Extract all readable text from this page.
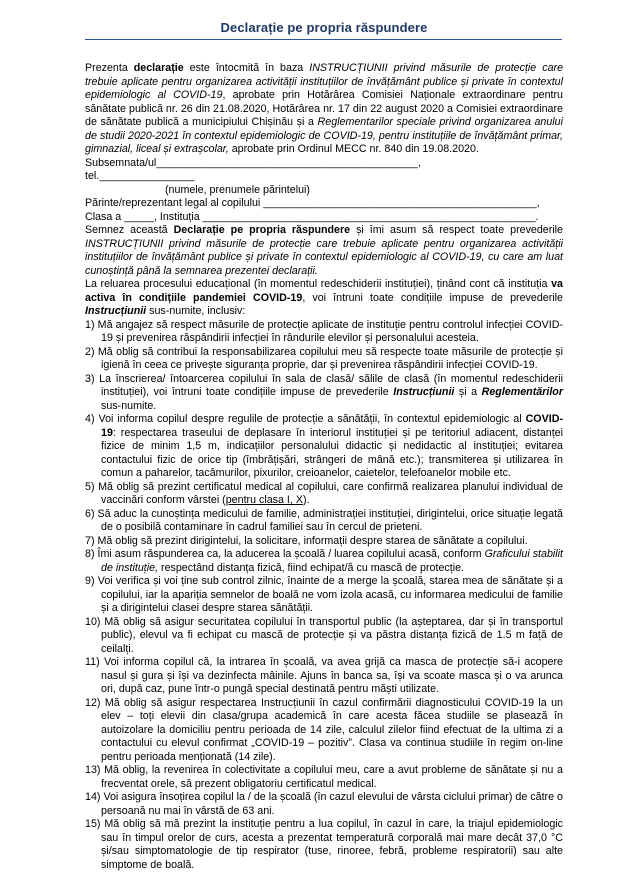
Declarație pe propria răspundere

Prezenta declarație este întocmită în baza INSTRUCȚIUNII privind măsurile de protecție care trebuie aplicate pentru organizarea activității instituțiilor de învățământ publice și private în contextul epidemiologic al COVID-19, aprobate prin Hotărârea Comisiei Naționale extraordinare pentru sănătate publică nr. 26 din 21.08.2020, Hotărârea nr. 17 din 22 august 2020 a Comisiei extraordinare de sănătate publică a municipiului Chișinău și a Reglementarilor speciale privind organizarea anului de studii 2020-2021 în contextul epidemiologic de COVID-19, pentru instituțiile de învățământ primar, gimnazial, liceal și extrașcolar, aprobate prin Ordinul MECC nr. 840 din 19.08.2020.

Subsemnata/ul____________________________________________,
tel.________________
(numele, prenumele părintelui)
Părinte/reprezentant legal al copilului ______________________________________________,
Clasa a _____, Instituția ________________________________________________________.

Semnez această Declarație pe propria răspundere și îmi asum să respect toate prevederile INSTRUCȚIUNII privind măsurile de protecție care trebuie aplicate pentru organizarea activității instituțiilor de învățământ publice și private în contextul epidemiologic al COVID-19, cu care am luat cunoștință până la semnarea prezentei declarații.

La reluarea procesului educațional (în momentul redeschiderii instituției), ținând cont că instituția va activa în condițiile pandemiei COVID-19, voi întruni toate condițiile impuse de prevederile Instrucțiunii sus-numite, inclusiv:

1) Mă angajez să respect măsurile de protecție aplicate de instituție pentru controlul infecției COVID-19 și prevenirea răspândirii infecției în rândurile elevilor și personalului acesteia.
2) Mă oblig să contribui la responsabilizarea copilului meu să respecte toate măsurile de protecție și igienă în ceea ce privește siguranța proprie, dar și prevenirea răspândirii infecției COVID-19.
3) La înscrierea/ întoarcerea copilului în sala de clasă/ sălile de clasă (în momentul redeschiderii instituției), voi întruni toate condițiile impuse de prevederile Instrucțiunii și a Reglementărilor sus-numite.
4) Voi informa copilul despre regulile de protecție a sănătății, în contextul epidemiologic al COVID-19: respectarea traseului de deplasare în interiorul instituției și pe teritoriul adiacent, distanței fizice de minim 1,5 m, indicațiilor personalului didactic și nedidactic al instituției; evitarea contactului fizic de orice tip (îmbrățișări, strângeri de mână etc.); transmiterea și utilizarea în comun a paharelor, tacâmurilor, pixurilor, creioanelor, caietelor, telefoanelor mobile etc.
5) Mă oblig să prezint certificatul medical al copilului, care confirmă realizarea planului individual de vaccinări conform vârstei (pentru clasa I, X).
6) Să aduc la cunoștința medicului de familie, administrației instituției, dirigintelui, orice situație legată de o posibilă contaminare în cadrul familiei sau în cercul de prieteni.
7) Mă oblig să prezint dirigintelui, la solicitare, informații despre starea de sănătate a copilului.
8) Îmi asum răspunderea ca, la aducerea la școală / luarea copilului acasă, conform Graficului stabilit de instituție, respectând distanța fizică, fiind echipat/ă cu mască de protecție.
9) Voi verifica și voi ține sub control zilnic, înainte de a merge la școală, starea mea de sănătate și a copilului, iar la apariția semnelor de boală ne vom izola acasă, cu informarea medicului de familie și a dirigintelui clasei despre starea sănătății.
10) Mă oblig să asigur securitatea copilului în transportul public (la așteptarea, dar și în transportul public), elevul va fi echipat cu mască de protecție și va păstra distanța fizică de 1.5 m față de ceilalți.
11) Voi informa copilul că, la intrarea în școală, va avea grijă ca masca de protecție să-i acopere nasul și gura și își va dezinfecta mâinile. Ajuns în banca sa, își va scoate masca și o va arunca ori, după caz, pune într-o pungă special destinată pentru măști utilizate.
12) Mă oblig să asigur respectarea Instrucțiunii în cazul confirmării diagnosticului COVID-19 la un elev – toți elevii din clasa/grupa academică în care acesta făcea studiile se plasează în autoizolare la domiciliu pentru perioada de 14 zile, calculul zilelor fiind efectuat de la ultima zi a contactului cu elevul confirmat „COVID-19 – pozitiv”. Clasa va continua studiile în regim on-line pentru perioada menționată (14 zile).
13) Mă oblig, la revenirea în colectivitate a copilului meu, care a avut probleme de sănătate și nu a frecventat orele, să prezent obligatoriu certificatul medical.
14) Voi asigura însoțirea copilul la / de la școală (în cazul elevului de vârsta ciclului primar) de către o persoană nu mai în vârstă de 63 ani.
15) Mă oblig să mă prezint la instituție pentru a lua copilul, în cazul în care, la triajul epidemiologic sau în timpul orelor de curs, acesta a prezentat temperatură corporală mai mare decât 37,0 °C și/sau simptomatologie de tip respirator (tuse, rinoree, febră, probleme respiratorii) sau alte simptome de boală.
